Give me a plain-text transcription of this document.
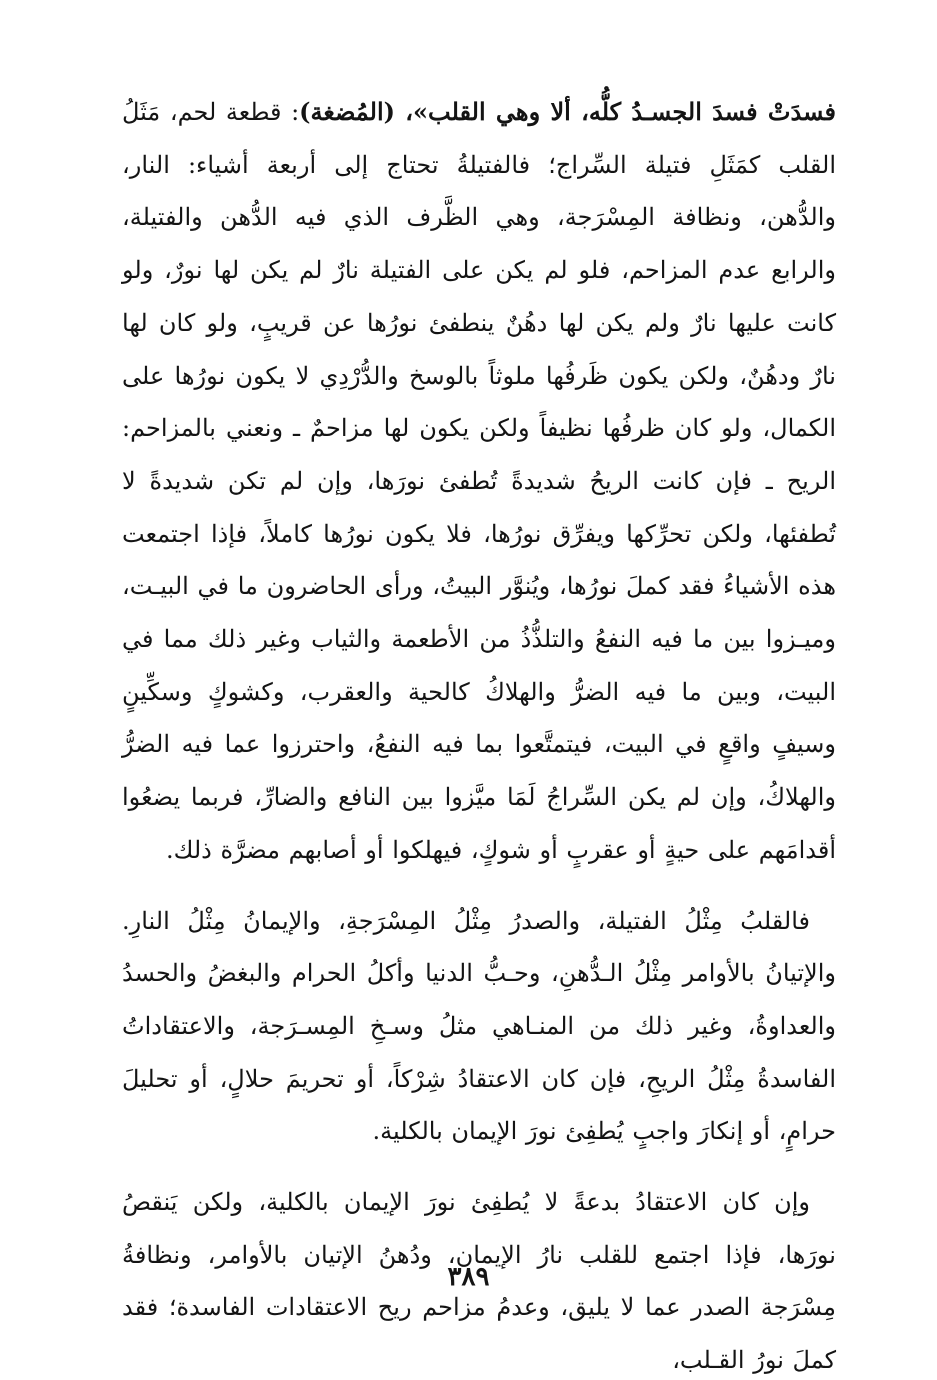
فسدَتْ فسدَ الجسـدُ كلُّه، ألا وهي القلب»، (المُضغة): قطعة لحم، مَثَلُ القلب كمَثَلِ فتيلة السِّراج؛ فالفتيلةُ تحتاج إلى أربعة أشياء: النار، والدُّهن، ونظافة المِسْرَجة، وهي الظَّرف الذي فيه الدُّهن والفتيلة، والرابع عدم المزاحم، فلو لم يكن على الفتيلة نارٌ لم يكن لها نورٌ، ولو كانت عليها نارٌ ولم يكن لها دهُنٌ ينطفئ نورُها عن قريبٍ، ولو كان لها نارٌ ودهُنٌ، ولكن يكون ظَرفُها ملوثاً بالوسخ والدُّرْدِي لا يكون نورُها على الكمال، ولو كان ظرفُها نظيفاً ولكن يكون لها مزاحمٌ ـ ونعني بالمزاحم: الريح ـ فإن كانت الريحُ شديدةً تُطفئ نورَها، وإن لم تكن شديدةً لا تُطفئها، ولكن تحرِّكها ويفرِّق نورُها، فلا يكون نورُها كاملاً، فإذا اجتمعت هذه الأشياءُ فقد كملَ نورُها، ويُنوَّر البيتُ، ورأى الحاضرون ما في البيـت، وميـزوا بين ما فيه النفعُ والتلذُّذُ من الأطعمة والثياب وغير ذلك مما في البيت، وبين ما فيه الضرُّ والهلاكُ كالحية والعقرب، وكشوكٍ وسكِّينٍ وسيفٍ واقعٍ في البيت، فيتمتَّعوا بما فيه النفعُ، واحترزوا عما فيه الضرُّ والهلاكُ، وإن لم يكن السِّراجُ لَمَا ميَّزوا بين النافع والضارِّ، فربما يضعُوا أقدامَهم على حيةٍ أو عقربٍ أو شوكٍ، فيهلكوا أو أصابهم مضرَّة ذلك.

فالقلبُ مِثْلُ الفتيلة، والصدرُ مِثْلُ المِسْرَجةِ، والإيمانُ مِثْلُ النارِ. والإتيانُ بالأوامر مِثْلُ الـدُّهنِ، وحـبُّ الدنيا وأكلُ الحرام والبغضُ والحسدُ والعداوةُ، وغير ذلك من المنـاهي مثلُ وسـخِ المِسـرَجة، والاعتقاداتُ الفاسدةُ مِثْلُ الريحِ، فإن كان الاعتقادُ شِرْكاً، أو تحريمَ حلالٍ، أو تحليلَ حرامٍ، أو إنكارَ واجبٍ يُطفِئ نورَ الإيمان بالكلية.

وإن كان الاعتقادُ بدعةً لا يُطفِئ نورَ الإيمان بالكلية، ولكن يَنقصُ نورَها، فإذا اجتمع للقلب نارُ الإيمان، ودُهنُ الإتيان بالأوامر، ونظافةُ مِسْرَجة الصدر عما لا يليق، وعدمُ مزاحم ريح الاعتقادات الفاسدة؛ فقد كملَ نورُ القـلب،

٣٨٩
